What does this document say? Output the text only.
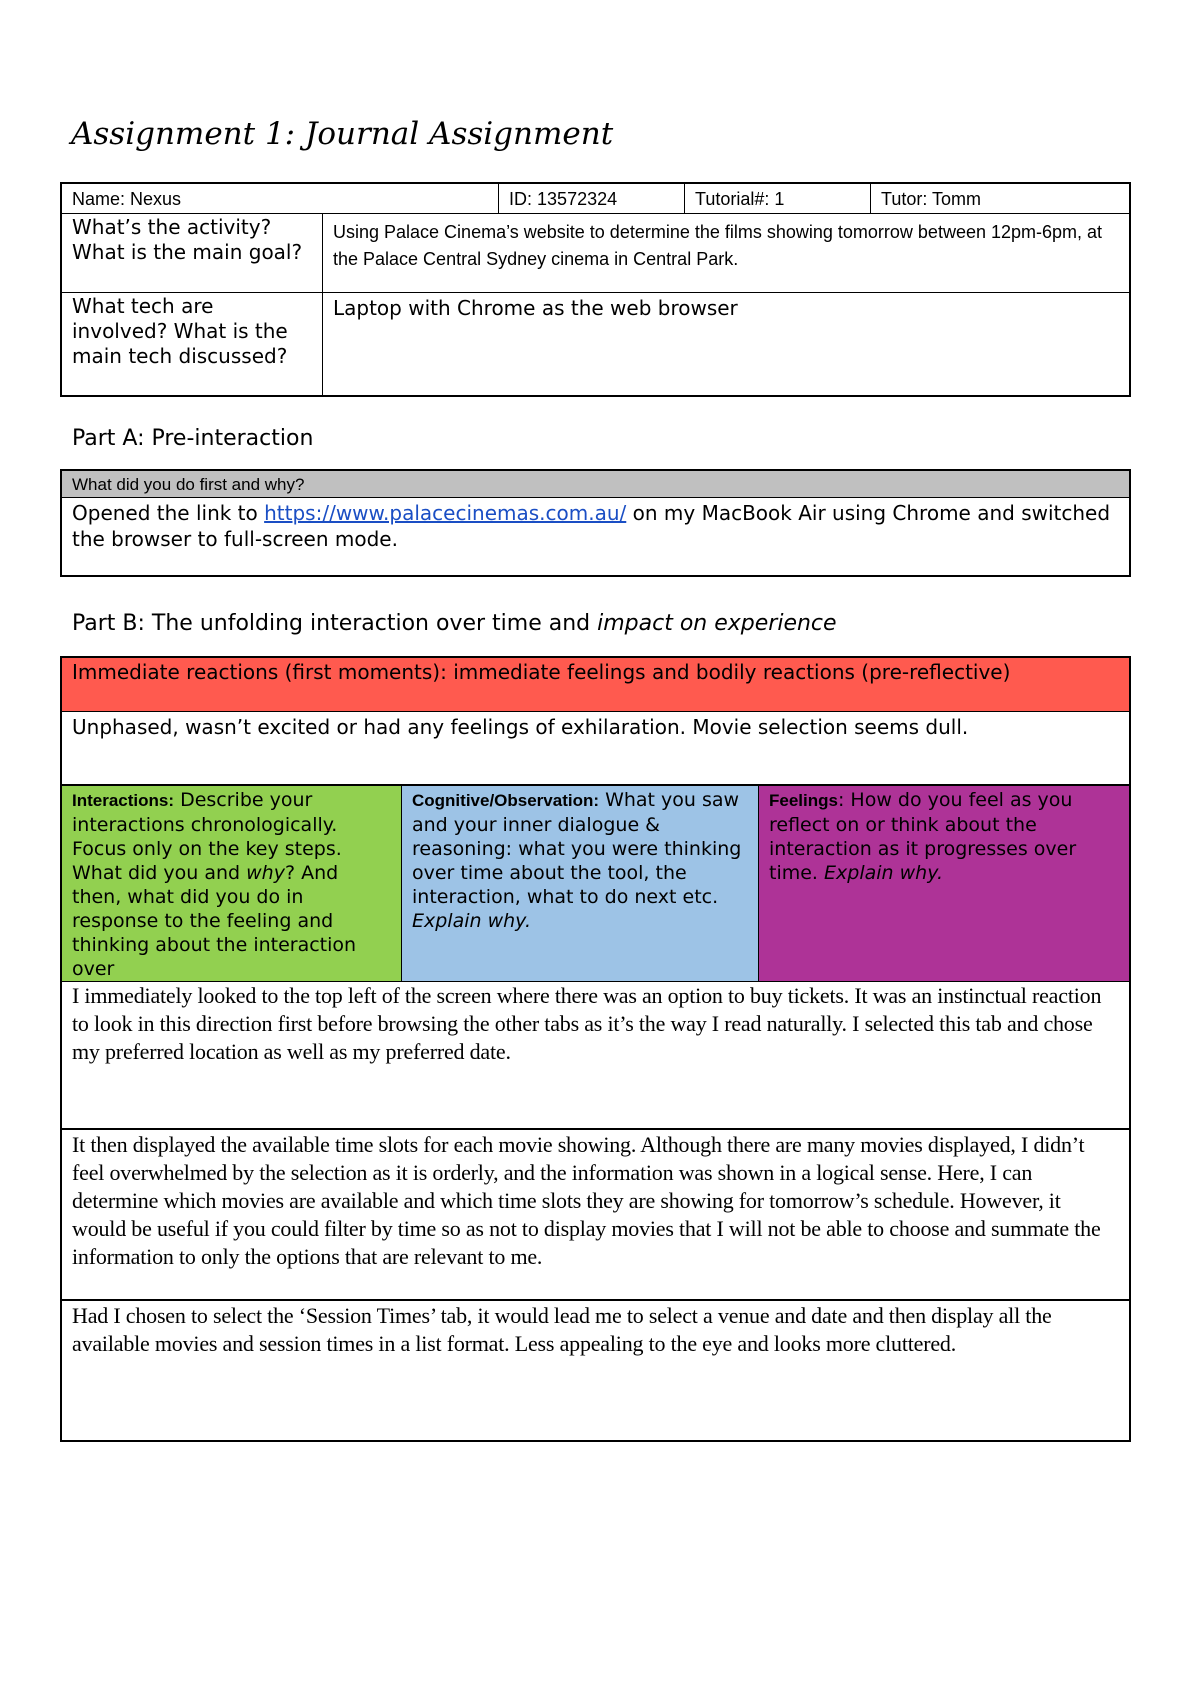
Assignment 1: Journal Assignment
Name: Nexus	ID: 13572324	Tutorial#: 1	Tutor: Tomm
What’s the activity? What is the main goal?
Using Palace Cinema’s website to determine the films showing tomorrow between 12pm-6pm, at the Palace Central Sydney cinema in Central Park.
What tech are involved? What is the main tech discussed?
Laptop with Chrome as the web browser
Part A: Pre-interaction
What did you do first and why?
Opened the link to https://www.palacecinemas.com.au/ on my MacBook Air using Chrome and switched the browser to full-screen mode.
Part B: The unfolding interaction over time and impact on experience
Immediate reactions (first moments): immediate feelings and bodily reactions (pre-reflective)
Unphased, wasn’t excited or had any feelings of exhilaration. Movie selection seems dull.
Interactions: Describe your interactions chronologically. Focus only on the key steps. What did you and why? And then, what did you do in response to the feeling and thinking about the interaction over
Cognitive/Observation: What you saw and your inner dialogue & reasoning: what you were thinking over time about the tool, the interaction, what to do next etc. Explain why.
Feelings: How do you feel as you reflect on or think about the interaction as it progresses over time. Explain why.
I immediately looked to the top left of the screen where there was an option to buy tickets. It was an instinctual reaction to look in this direction first before browsing the other tabs as it’s the way I read naturally. I selected this tab and chose my preferred location as well as my preferred date.
It then displayed the available time slots for each movie showing. Although there are many movies displayed, I didn’t feel overwhelmed by the selection as it is orderly, and the information was shown in a logical sense. Here, I can determine which movies are available and which time slots they are showing for tomorrow’s schedule. However, it would be useful if you could filter by time so as not to display movies that I will not be able to choose and summate the information to only the options that are relevant to me.
Had I chosen to select the ‘Session Times’ tab, it would lead me to select a venue and date and then display all the available movies and session times in a list format. Less appealing to the eye and looks more cluttered.
